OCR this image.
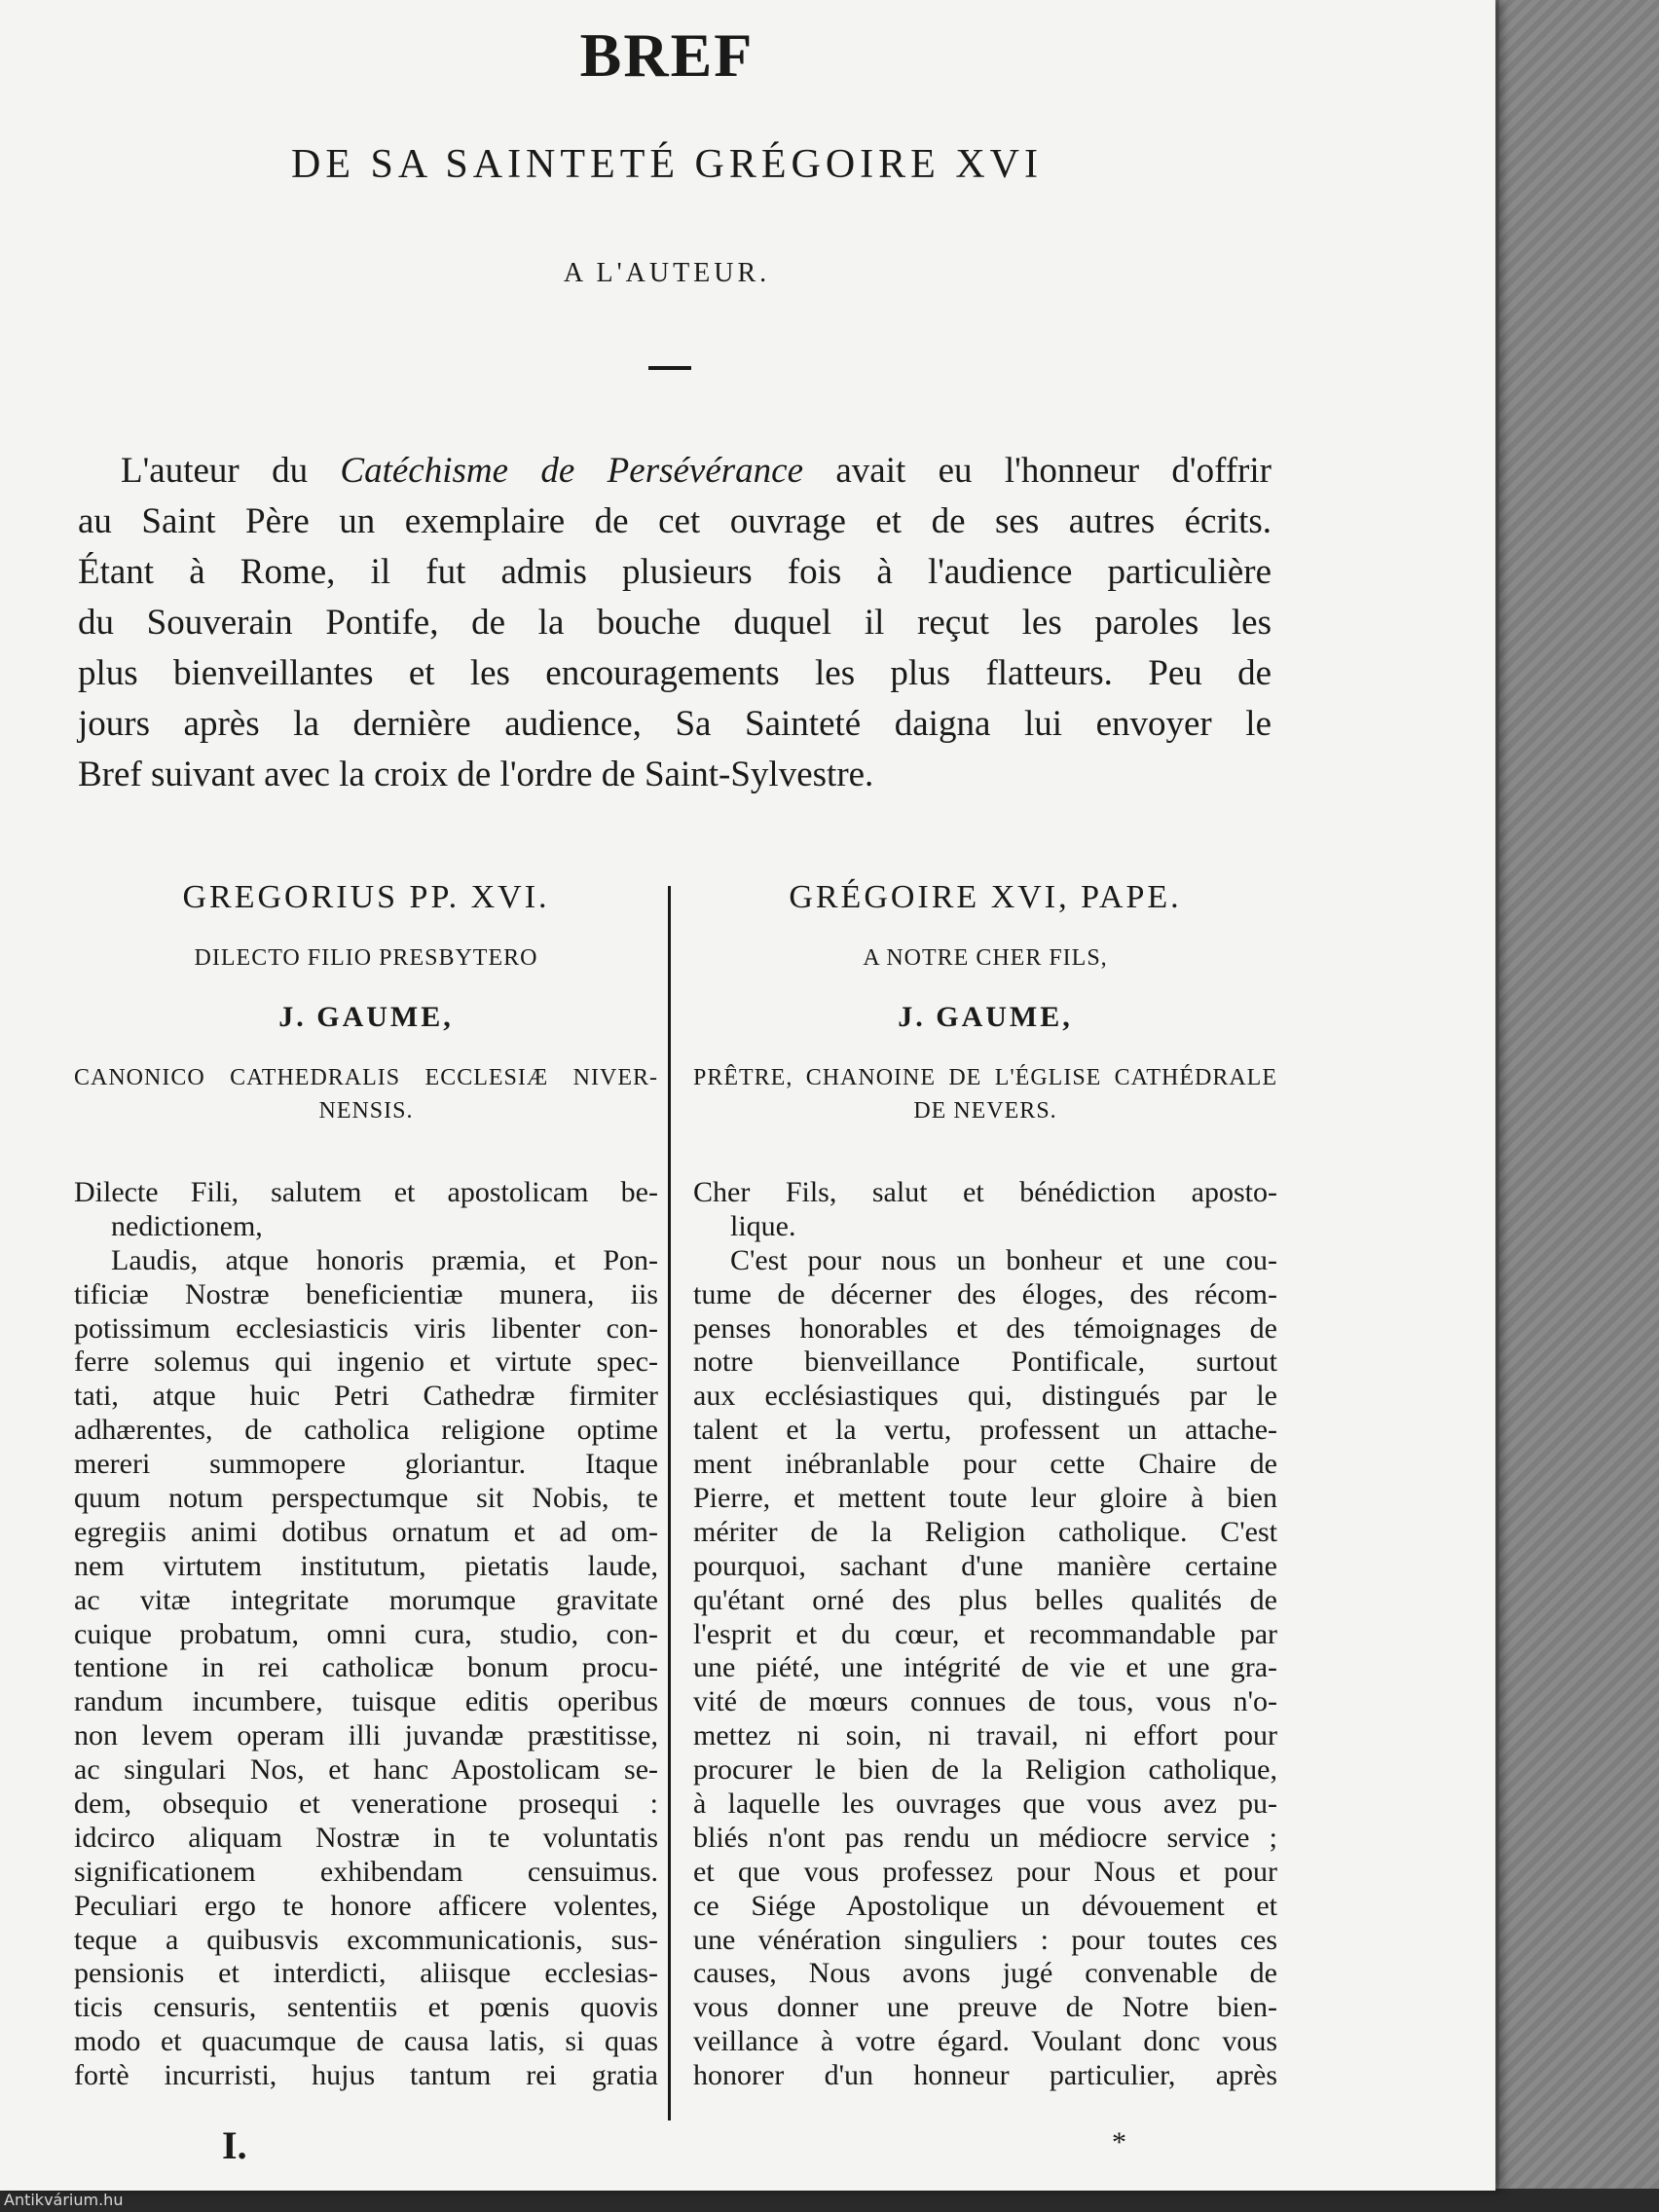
BREF
DE SA SAINTETÉ GRÉGOIRE XVI
A L'AUTEUR.
L'auteur du Catéchisme de Persévérance avait eu l'honneur d'offrir
au Saint Père un exemplaire de cet ouvrage et de ses autres écrits.
Étant à Rome, il fut admis plusieurs fois à l'audience particulière
du Souverain Pontife, de la bouche duquel il reçut les paroles les
plus bienveillantes et les encouragements les plus flatteurs. Peu de
jours après la dernière audience, Sa Sainteté daigna lui envoyer le
Bref suivant avec la croix de l'ordre de Saint-Sylvestre.
GREGORIUS PP. XVI.
DILECTO FILIO PRESBYTERO
J. GAUME,
CANONICO CATHEDRALIS ECCLESIÆ NIVER-
NENSIS.
Dilecte Fili, salutem et apostolicam be-
nedictionem,
Laudis, atque honoris præmia, et Pon-
tificiæ Nostræ beneficientiæ munera, iis
potissimum ecclesiasticis viris libenter con-
ferre solemus qui ingenio et virtute spec-
tati, atque huic Petri Cathedræ firmiter
adhærentes, de catholica religione optime
mereri summopere gloriantur. Itaque
quum notum perspectumque sit Nobis, te
egregiis animi dotibus ornatum et ad om-
nem virtutem institutum, pietatis laude,
ac vitæ integritate morumque gravitate
cuique probatum, omni cura, studio, con-
tentione in rei catholicæ bonum procu-
randum incumbere, tuisque editis operibus
non levem operam illi juvandæ præstitisse,
ac singulari Nos, et hanc Apostolicam se-
dem, obsequio et veneratione prosequi :
idcirco aliquam Nostræ in te voluntatis
significationem exhibendam censuimus.
Peculiari ergo te honore afficere volentes,
teque a quibusvis excommunicationis, sus-
pensionis et interdicti, aliisque ecclesias-
ticis censuris, sententiis et pœnis quovis
modo et quacumque de causa latis, si quas
fortè incurristi, hujus tantum rei gratia
GRÉGOIRE XVI, PAPE.
A NOTRE CHER FILS,
J. GAUME,
PRÊTRE, CHANOINE DE L'ÉGLISE CATHÉDRALE
DE NEVERS.
Cher Fils, salut et bénédiction aposto-
lique.
C'est pour nous un bonheur et une cou-
tume de décerner des éloges, des récom-
penses honorables et des témoignages de
notre bienveillance Pontificale, surtout
aux ecclésiastiques qui, distingués par le
talent et la vertu, professent un attache-
ment inébranlable pour cette Chaire de
Pierre, et mettent toute leur gloire à bien
mériter de la Religion catholique. C'est
pourquoi, sachant d'une manière certaine
qu'étant orné des plus belles qualités de
l'esprit et du cœur, et recommandable par
une piété, une intégrité de vie et une gra-
vité de mœurs connues de tous, vous n'o-
mettez ni soin, ni travail, ni effort pour
procurer le bien de la Religion catholique,
à laquelle les ouvrages que vous avez pu-
bliés n'ont pas rendu un médiocre service ;
et que vous professez pour Nous et pour
ce Siége Apostolique un dévouement et
une vénération singuliers : pour toutes ces
causes, Nous avons jugé convenable de
vous donner une preuve de Notre bien-
veillance à votre égard. Voulant donc vous
honorer d'un honneur particulier, après
I.	*
Antikvárium.hu
